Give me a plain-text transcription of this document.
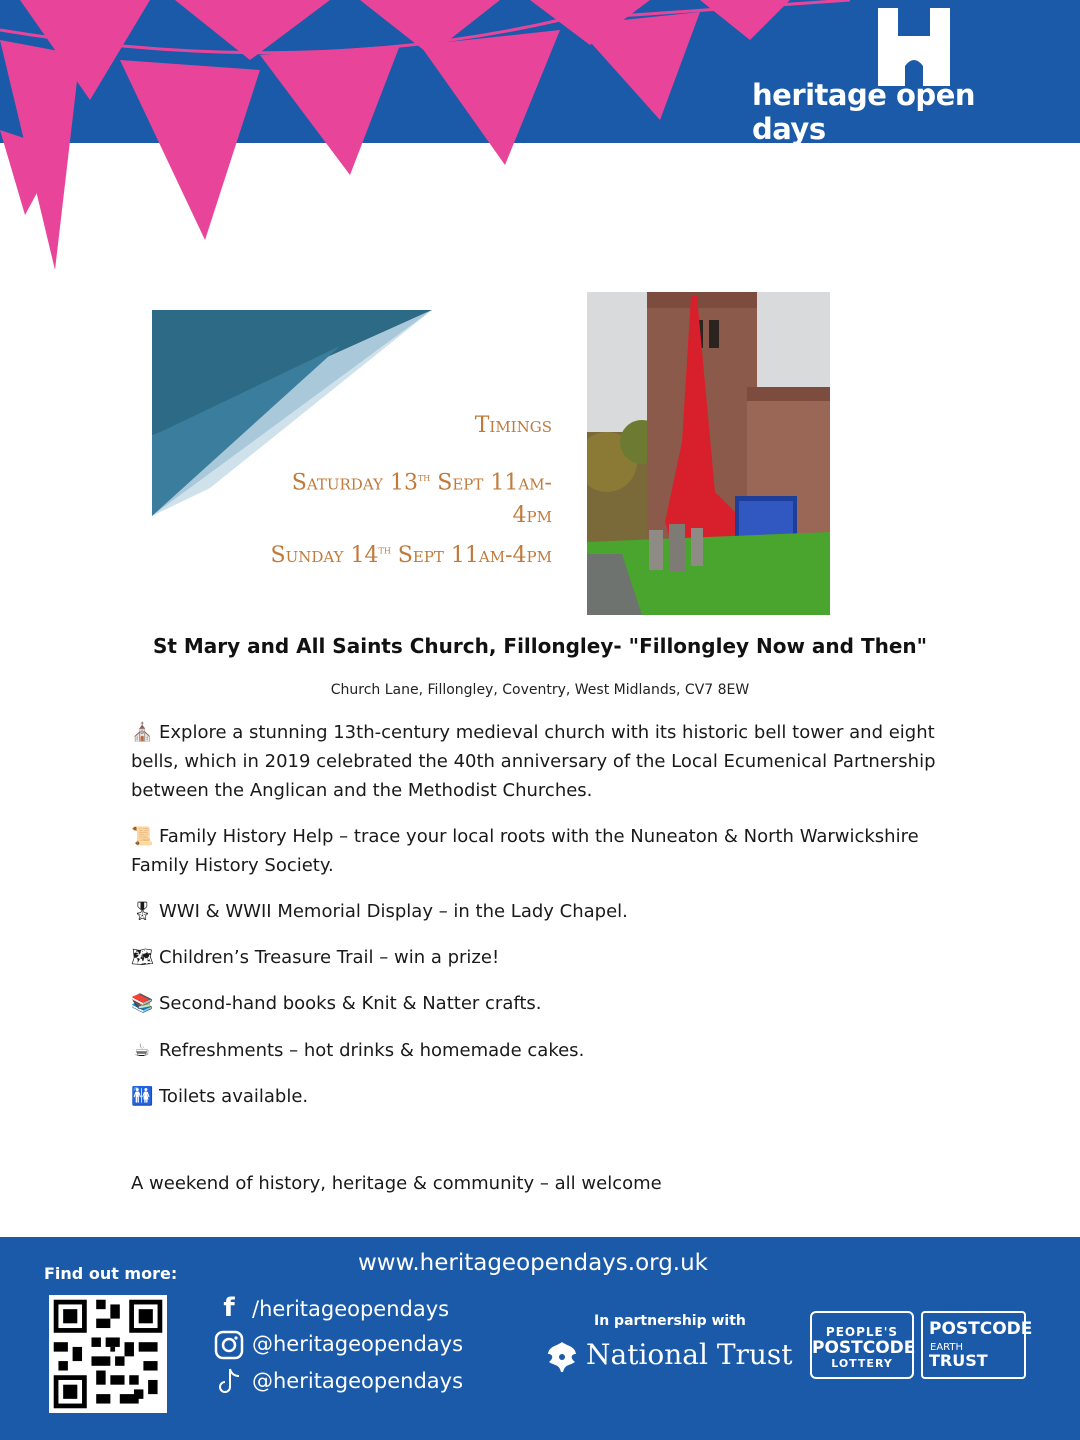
heritage open days
Timings
Saturday 13th Sept 11am-
4pm
Sunday 14th Sept 11am-4pm
St Mary and All Saints Church, Fillongley- "Fillongley Now and Then"
Church Lane, Fillongley, Coventry, West Midlands, CV7 8EW
⛪ Explore a stunning 13th-century medieval church with its historic bell tower and eight bells, which in 2019 celebrated the 40th anniversary of the Local Ecumenical Partnership between the Anglican and the Methodist Churches.
📜 Family History Help – trace your local roots with the Nuneaton & North Warwickshire Family History Society.
🎖 WWI & WWII Memorial Display – in the Lady Chapel.
🗺 Children’s Treasure Trail – win a prize!
📚 Second-hand books & Knit & Natter crafts.
☕ Refreshments – hot drinks & homemade cakes.
🚻 Toilets available.
A weekend of history, heritage & community – all welcome
Find out more:	www.heritageopendays.org.uk
f /heritageopendays
@heritageopendays
@heritageopendays
In partnership with
National Trust
PEOPLE'S
POSTCODE
LOTTERY
POSTCODE
EARTH
TRUST
